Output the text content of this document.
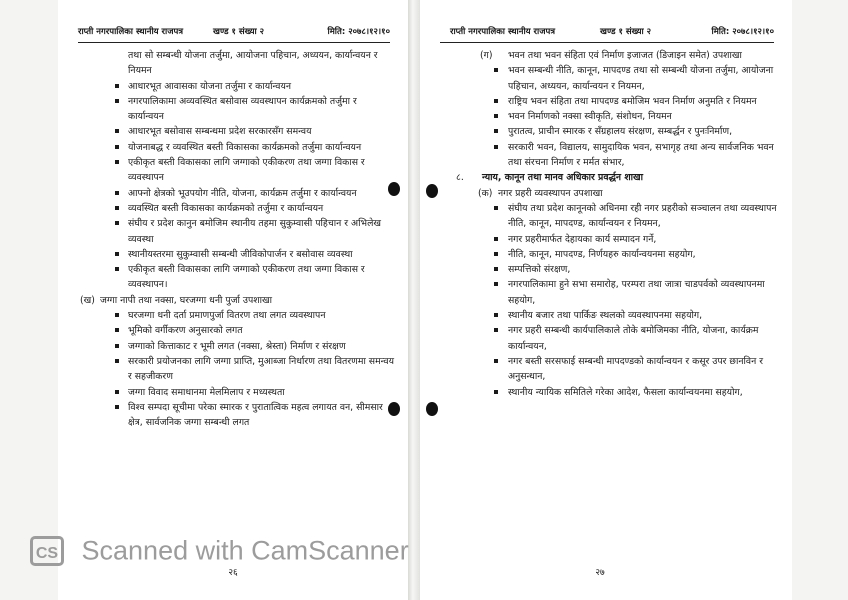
राप्ती नगरपालिका स्थानीय राजपत्र	खण्ड १ संख्या २	मिति: २०७८।१२।१०
तथा सो सम्बन्धी योजना तर्जुमा, आयोजना पहिचान, अध्ययन, कार्यान्वयन र नियमन
आधारभूत आवासका योजना तर्जुमा र कार्यान्वयन
नगरपालिकामा अव्यवस्थित बसोवास व्यवस्थापन कार्यक्रमको तर्जुमा र कार्यान्वयन
आधारभूत बसोवास सम्बन्धमा प्रदेश सरकारसँग समन्वय
योजनाबद्ध र व्यवस्थित बस्ती विकासका कार्यक्रमको तर्जुमा कार्यान्वयन
एकीकृत बस्ती विकासका लागि जग्गाको एकीकरण तथा जग्गा विकास र व्यवस्थापन
आफ्नो क्षेत्रको भूउपयोग नीति, योजना, कार्यक्रम तर्जुमा र कार्यान्वयन
व्यवस्थित बस्ती विकासका कार्यक्रमको तर्जुमा र कार्यान्वयन
संघीय र प्रदेश कानुन बमोजिम स्थानीय तहमा सुकुम्वासी पहिचान र अभिलेख व्यवस्था
स्थानीयस्तरमा सुकुम्वासी सम्बन्धी जीविकोपार्जन र बसोवास व्यवस्था
एकीकृत बस्ती विकासका लागि जग्गाको एकीकरण तथा जग्गा विकास र व्यवस्थापन।
(ख) जग्गा नापी तथा नक्सा, घरजग्गा धनी पुर्जा उपशाखा
घरजग्गा धनी दर्ता प्रमाणपुर्जा वितरण तथा लगत व्यवस्थापन
भूमिको वर्गीकरण अनुसारको लगत
जग्गाको कित्ताकाट र भूमी लगत (नक्सा, श्रेस्ता) निर्माण र संरक्षण
सरकारी प्रयोजनका लागि जग्गा प्राप्ति, मुआब्जा निर्धारण तथा वितरणमा समन्वय र सहजीकरण
जग्गा विवाद समाधानमा मेलमिलाप र मध्यस्थता
विश्व सम्पदा सूचीमा परेका स्मारक र पुरातात्विक महत्व लगायत वन, सीमसार क्षेत्र, सार्वजनिक जग्गा सम्बन्धी लगत
२६
राप्ती नगरपालिका स्थानीय राजपत्र	खण्ड १ संख्या २	मिति: २०७८।१२।१०
(ग) भवन तथा भवन संहिता एवं निर्माण इजाजत (डिजाइन समेत) उपशाखा
भवन सम्बन्धी नीति, कानून, मापदण्ड तथा सो सम्बन्धी योजना तर्जुमा, आयोजना पहिचान, अध्ययन, कार्यान्वयन र नियमन,
राष्ट्रिय भवन संहिता तथा मापदण्ड बमोजिम भवन निर्माण अनुमति र नियमन
भवन निर्माणको नक्सा स्वीकृति, संशोधन, नियमन
पुरातत्व, प्राचीन स्मारक र सँग्रहालय संरक्षण, सम्बर्द्धन र पुनःनिर्माण,
सरकारी भवन, विद्यालय, सामुदायिक भवन, सभागृह तथा अन्य सार्वजनिक भवन तथा संरचना निर्माण र मर्मत संभार,
८. न्याय, कानून तथा मानव अधिकार प्रवर्द्धन शाखा
(क) नगर प्रहरी व्यवस्थापन उपशाखा
संघीय तथा प्रदेश कानूनको अधिनमा रही नगर प्रहरीको सञ्चालन तथा व्यवस्थापन नीति, कानून, मापदण्ड, कार्यान्वयन र नियमन,
नगर प्रहरीमार्फत देहायका कार्य सम्पादन गर्ने,
नीति, कानून, मापदण्ड, निर्णयहरु कार्यान्वयनमा सहयोग,
सम्पत्तिको संरक्षण,
नगरपालिकामा हुने सभा समारोह, परम्परा तथा जात्रा चाडपर्वको व्यवस्थापनमा सहयोग,
स्थानीय बजार तथा पार्किङ स्थलको व्यवस्थापनमा सहयोग,
नगर प्रहरी सम्बन्धी कार्यपालिकाले तोके बमोजिमका नीति, योजना, कार्यक्रम कार्यान्वयन,
नगर बस्ती सरसफाई सम्बन्धी मापदण्डको कार्यान्वयन र कसूर उपर छानविन र अनुसन्धान,
स्थानीय न्यायिक समितिले गरेका आदेश, फैसला कार्यान्वयनमा सहयोग,
२७
CS Scanned with CamScanner
